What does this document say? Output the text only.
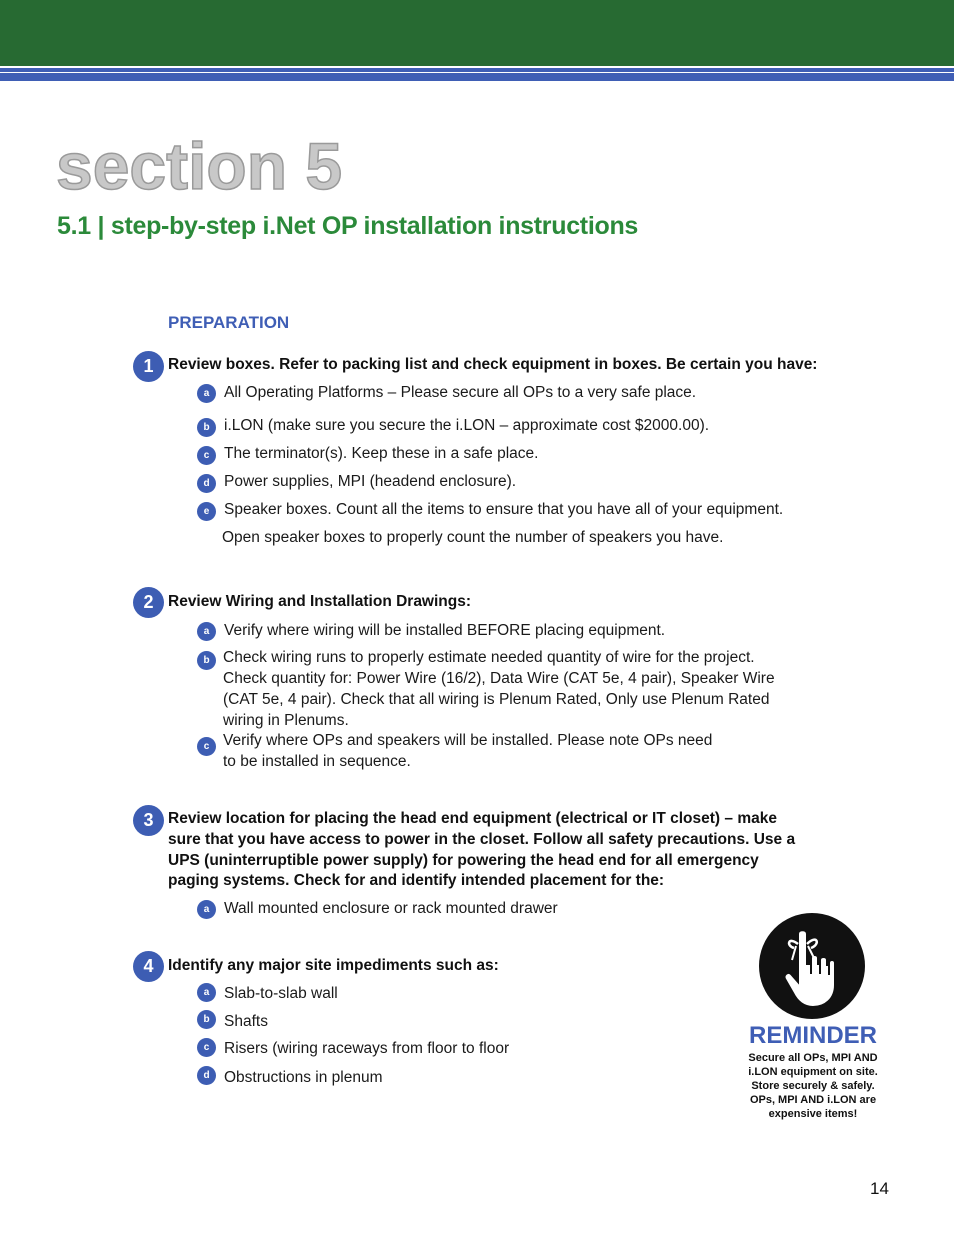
section 5
5.1 | step-by-step i.Net OP installation instructions
PREPARATION
1 Review boxes. Refer to packing list and check equipment in boxes. Be certain you have:
a All Operating Platforms – Please secure all OPs to a very safe place.
b i.LON (make sure you secure the i.LON – approximate cost $2000.00).
c The terminator(s). Keep these in a safe place.
d Power supplies, MPI (headend enclosure).
e Speaker boxes. Count all the items to ensure that you have all of your equipment.
Open speaker boxes to properly count the number of speakers you have.
2 Review Wiring and Installation Drawings:
a Verify where wiring will be installed BEFORE placing equipment.
b Check wiring runs to properly estimate needed quantity of wire for the project.
Check quantity for: Power Wire (16/2), Data Wire (CAT 5e, 4 pair), Speaker Wire
(CAT 5e, 4 pair). Check that all wiring is Plenum Rated, Only use Plenum Rated
wiring in Plenums.
c Verify where OPs and speakers will be installed. Please note OPs need
to be installed in sequence.
3 Review location for placing the head end equipment (electrical or IT closet) – make
sure that you have access to power in the closet. Follow all safety precautions. Use a
UPS (uninterruptible power supply) for powering the head end for all emergency
paging systems. Check for and identify intended placement for the:
a Wall mounted enclosure or rack mounted drawer
4 Identify any major site impediments such as:
a Slab-to-slab wall
b Shafts
c Risers (wiring raceways from floor to floor
d Obstructions in plenum
REMINDER
Secure all OPs, MPI AND
i.LON equipment on site.
Store securely & safely.
OPs, MPI AND i.LON are
expensive items!
14
